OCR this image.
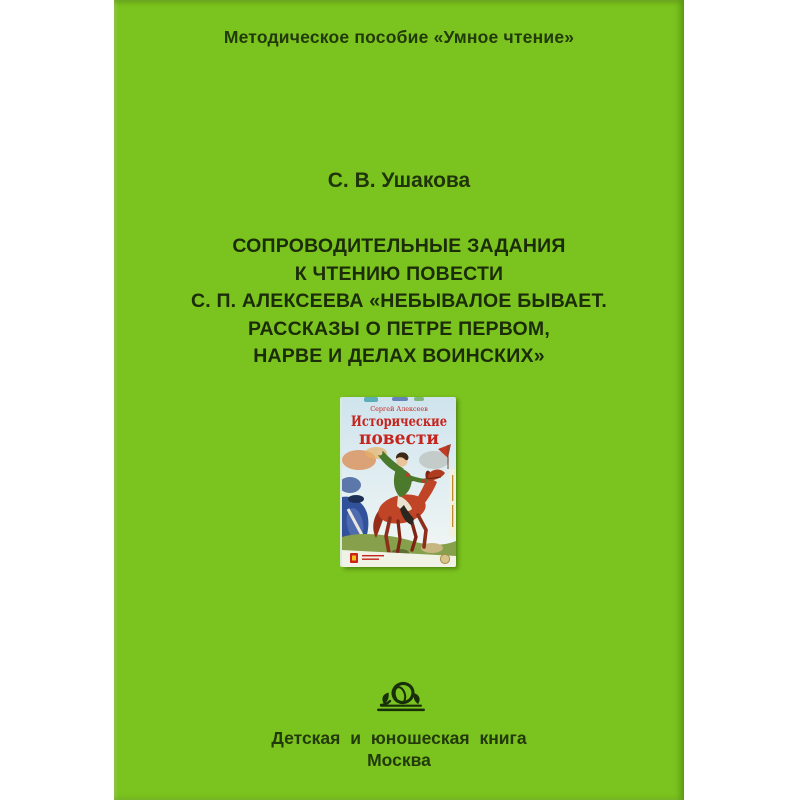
Методическое пособие «Умное чтение»
С. В. Ушакова
СОПРОВОДИТЕЛЬНЫЕ ЗАДАНИЯ
К ЧТЕНИЮ ПОВЕСТИ
С. П. АЛЕКСЕЕВА «НЕБЫВАЛОЕ БЫВАЕТ.
РАССКАЗЫ О ПЕТРЕ ПЕРВОМ,
НАРВЕ И ДЕЛАХ ВОИНСКИХ»
Сергей Алексеев
Исторические
повести
Детская и юношеская книга
Москва
